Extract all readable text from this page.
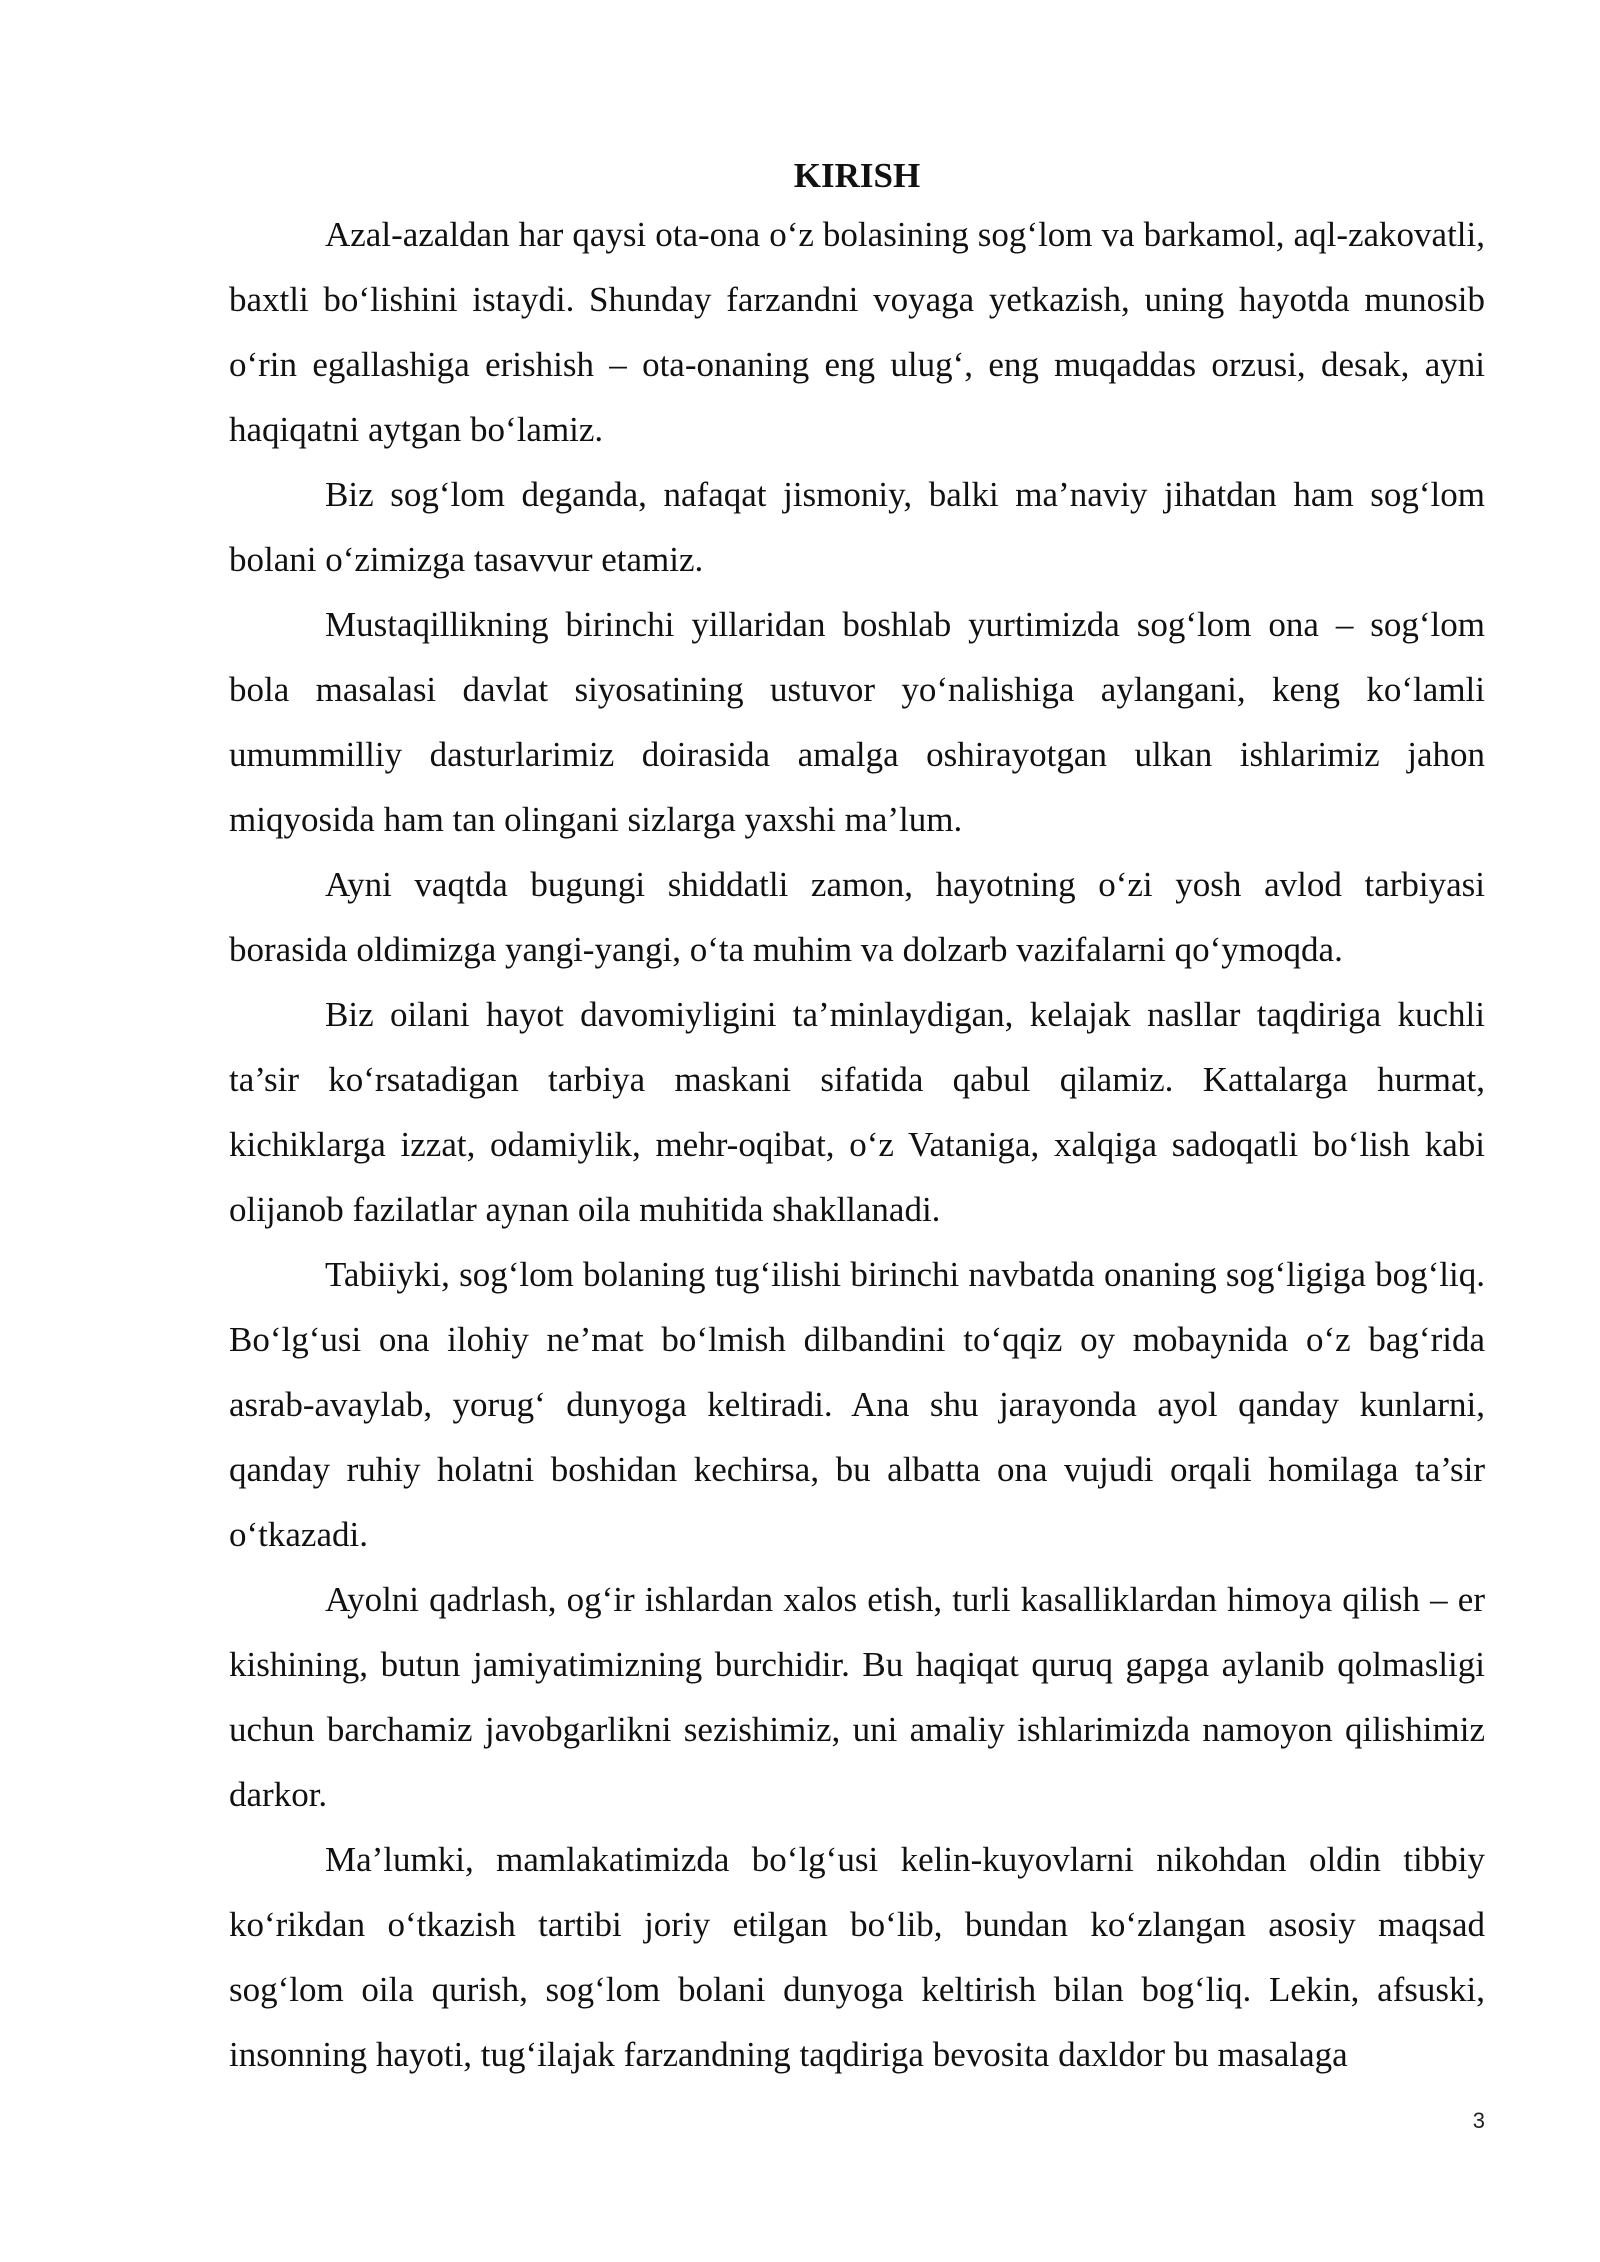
KIRISH

Azal-azaldan har qaysi ota-ona o‘z bolasining sog‘lom va barkamol, aql-zakovatli, baxtli bo‘lishini istaydi. Shunday farzandni voyaga yetkazish, uning hayotda munosib o‘rin egallashiga erishish – ota-onaning eng ulug‘, eng muqaddas orzusi, desak, ayni haqiqatni aytgan bo‘lamiz.

Biz sog‘lom deganda, nafaqat jismoniy, balki ma’naviy jihatdan ham sog‘lom bolani o‘zimizga tasavvur etamiz.

Mustaqillikning birinchi yillaridan boshlab yurtimizda sog‘lom ona – sog‘lom bola masalasi davlat siyosatining ustuvor yo‘nalishiga aylangani, keng ko‘lamli umummilliy dasturlarimiz doirasida amalga oshirayotgan ulkan ishlarimiz jahon miqyosida ham tan olingani sizlarga yaxshi ma’lum.

Ayni vaqtda bugungi shiddatli zamon, hayotning o‘zi yosh avlod tarbiyasi borasida oldimizga yangi-yangi, o‘ta muhim va dolzarb vazifalarni qo‘ymoqda.

Biz oilani hayot davomiyligini ta’minlaydigan, kelajak nasllar taqdiriga kuchli ta’sir ko‘rsatadigan tarbiya maskani sifatida qabul qilamiz. Kattalarga hurmat, kichiklarga izzat, odamiylik, mehr-oqibat, o‘z Vataniga, xalqiga sadoqatli bo‘lish kabi olijanob fazilatlar aynan oila muhitida shakllanadi.

Tabiiyki, sog‘lom bolaning tug‘ilishi birinchi navbatda onaning sog‘ligiga bog‘liq. Bo‘lg‘usi ona ilohiy ne’mat bo‘lmish dilbandini to‘qqiz oy mobaynida o‘z bag‘rida asrab-avaylab, yorug‘ dunyoga keltiradi. Ana shu jarayonda ayol qanday kunlarni, qanday ruhiy holatni boshidan kechirsa, bu albatta ona vujudi orqali homilaga ta’sir o‘tkazadi.

Ayolni qadrlash, og‘ir ishlardan xalos etish, turli kasalliklardan himoya qilish – er kishining, butun jamiyatimizning burchidir. Bu haqiqat quruq gapga aylanib qolmasligi uchun barchamiz javobgarlikni sezishimiz, uni amaliy ishlarimizda namoyon qilishimiz darkor.

Ma’lumki, mamlakatimizda bo‘lg‘usi kelin-kuyovlarni nikohdan oldin tibbiy ko‘rikdan o‘tkazish tartibi joriy etilgan bo‘lib, bundan ko‘zlangan asosiy maqsad sog‘lom oila qurish, sog‘lom bolani dunyoga keltirish bilan bog‘liq. Lekin, afsuski, insonning hayoti, tug‘ilajak farzandning taqdiriga bevosita daxldor bu masalaga

3
